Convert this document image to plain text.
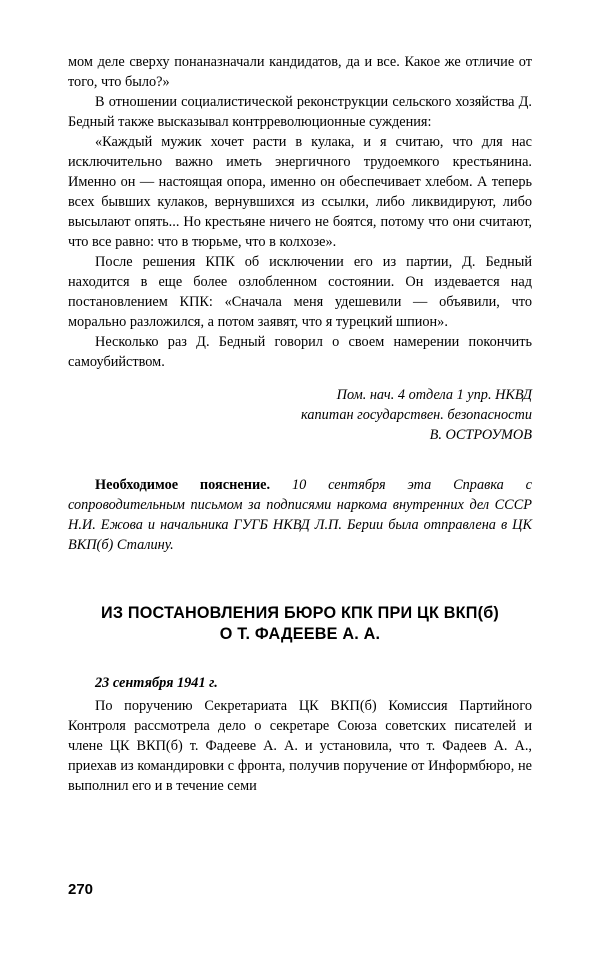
мом деле сверху понаназначали кандидатов, да и все. Какое же отличие от того, что было?»

В отношении социалистической реконструкции сельского хозяйства Д. Бедный также высказывал контрреволюционные суждения:

«Каждый мужик хочет расти в кулака, и я считаю, что для нас исключительно важно иметь энергичного трудоемкого крестьянина. Именно он — настоящая опора, именно он обеспечивает хлебом. А теперь всех бывших кулаков, вернувшихся из ссылки, либо ликвидируют, либо высылают опять... Но крестьяне ничего не боятся, потому что они считают, что все равно: что в тюрьме, что в колхозе».

После решения КПК об исключении его из партии, Д. Бедный находится в еще более озлобленном состоянии. Он издевается над постановлением КПК: «Сначала меня удешевили — объявили, что морально разложился, а потом заявят, что я турецкий шпион».

Несколько раз Д. Бедный говорил о своем намерении покончить самоубийством.

Пом. нач. 4 отдела 1 упр. НКВД
капитан государствен. безопасности
В. ОСТРОУМОВ
Необходимое пояснение. 10 сентября эта Справка с сопроводительным письмом за подписями наркома внутренних дел СССР Н.И. Ежова и начальника ГУГБ НКВД Л.П. Берии была отправлена в ЦК ВКП(б) Сталину.
ИЗ ПОСТАНОВЛЕНИЯ БЮРО КПК ПРИ ЦК ВКП(б)
О Т. ФАДЕЕВЕ А. А.
23 сентября 1941 г.

По поручению Секретариата ЦК ВКП(б) Комиссия Партийного Контроля рассмотрела дело о секретаре Союза советских писателей и члене ЦК ВКП(б) т. Фадееве А. А. и установила, что т. Фадеев А. А., приехав из командировки с фронта, получив поручение от Информбюро, не выполнил его и в течение семи

270
